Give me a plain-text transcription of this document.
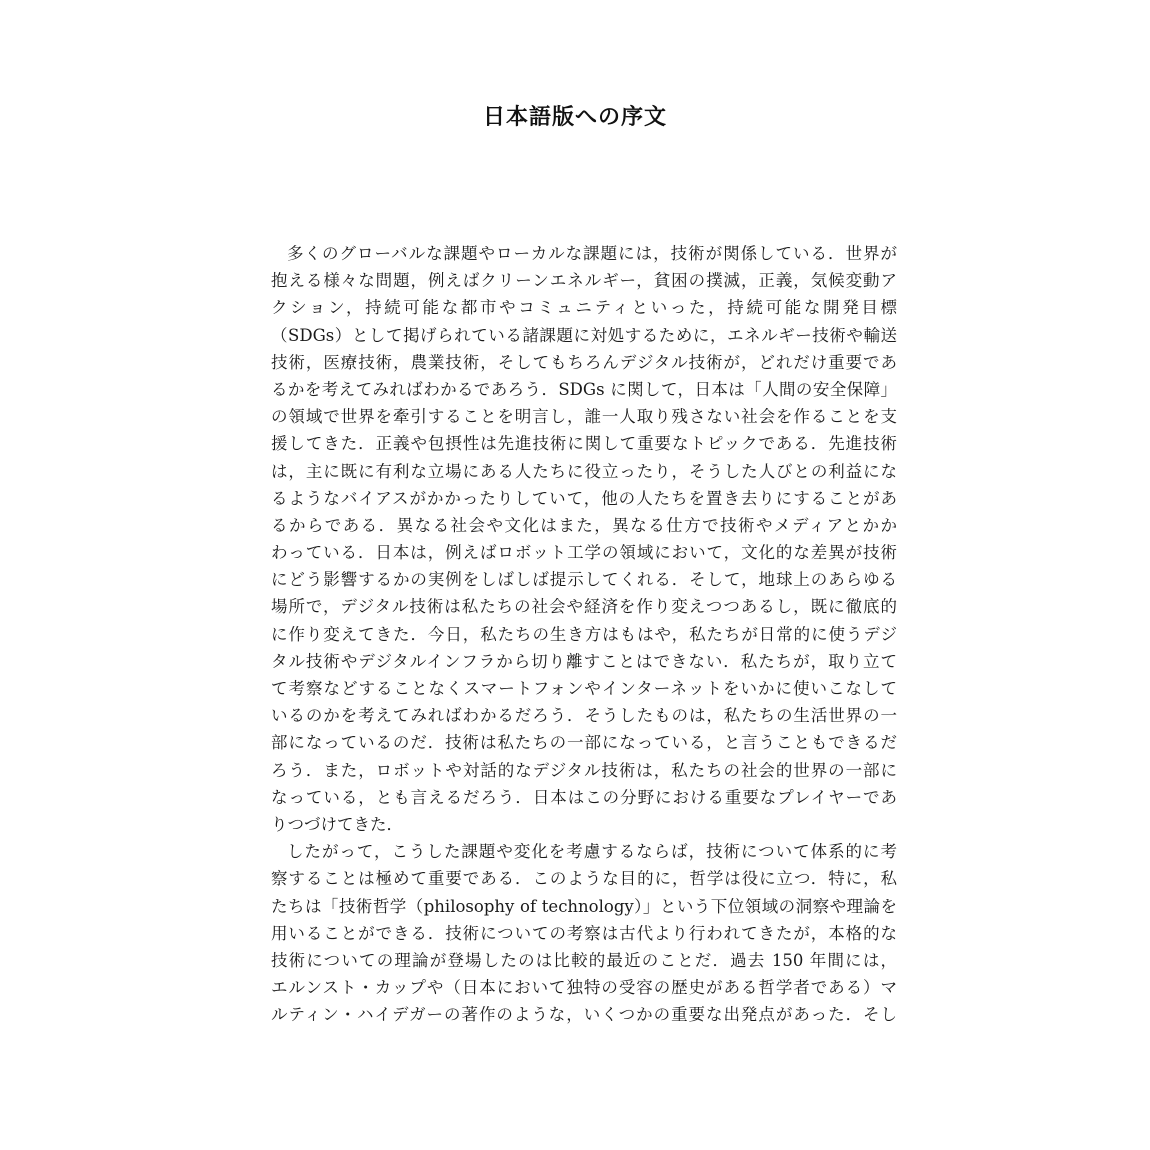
日本語版への序文
多くのグローバルな課題やローカルな課題には，技術が関係している．世界が
抱える様々な問題，例えばクリーンエネルギー，貧困の撲滅，正義，気候変動ア
クション，持続可能な都市やコミュニティといった，持続可能な開発目標
（SDGs）として掲げられている諸課題に対処するために，エネルギー技術や輸送
技術，医療技術，農業技術，そしてもちろんデジタル技術が，どれだけ重要であ
るかを考えてみればわかるであろう．SDGs に関して，日本は「人間の安全保障」
の領域で世界を牽引することを明言し，誰一人取り残さない社会を作ることを支
援してきた．正義や包摂性は先進技術に関して重要なトピックである．先進技術
は，主に既に有利な立場にある人たちに役立ったり，そうした人びとの利益にな
るようなバイアスがかかったりしていて，他の人たちを置き去りにすることがあ
るからである．異なる社会や文化はまた，異なる仕方で技術やメディアとかか
わっている．日本は，例えばロボット工学の領域において，文化的な差異が技術
にどう影響するかの実例をしばしば提示してくれる．そして，地球上のあらゆる
場所で，デジタル技術は私たちの社会や経済を作り変えつつあるし，既に徹底的
に作り変えてきた．今日，私たちの生き方はもはや，私たちが日常的に使うデジ
タル技術やデジタルインフラから切り離すことはできない．私たちが，取り立て
て考察などすることなくスマートフォンやインターネットをいかに使いこなして
いるのかを考えてみればわかるだろう．そうしたものは，私たちの生活世界の一
部になっているのだ．技術は私たちの一部になっている，と言うこともできるだ
ろう．また，ロボットや対話的なデジタル技術は，私たちの社会的世界の一部に
なっている，とも言えるだろう．日本はこの分野における重要なプレイヤーであ
りつづけてきた．
したがって，こうした課題や変化を考慮するならば，技術について体系的に考
察することは極めて重要である．このような目的に，哲学は役に立つ．特に，私
たちは「技術哲学（philosophy of technology）」という下位領域の洞察や理論を
用いることができる．技術についての考察は古代より行われてきたが，本格的な
技術についての理論が登場したのは比較的最近のことだ．過去 150 年間には，
エルンスト・カップや（日本において独特の受容の歴史がある哲学者である）マ
ルティン・ハイデガーの著作のような，いくつかの重要な出発点があった．そし
